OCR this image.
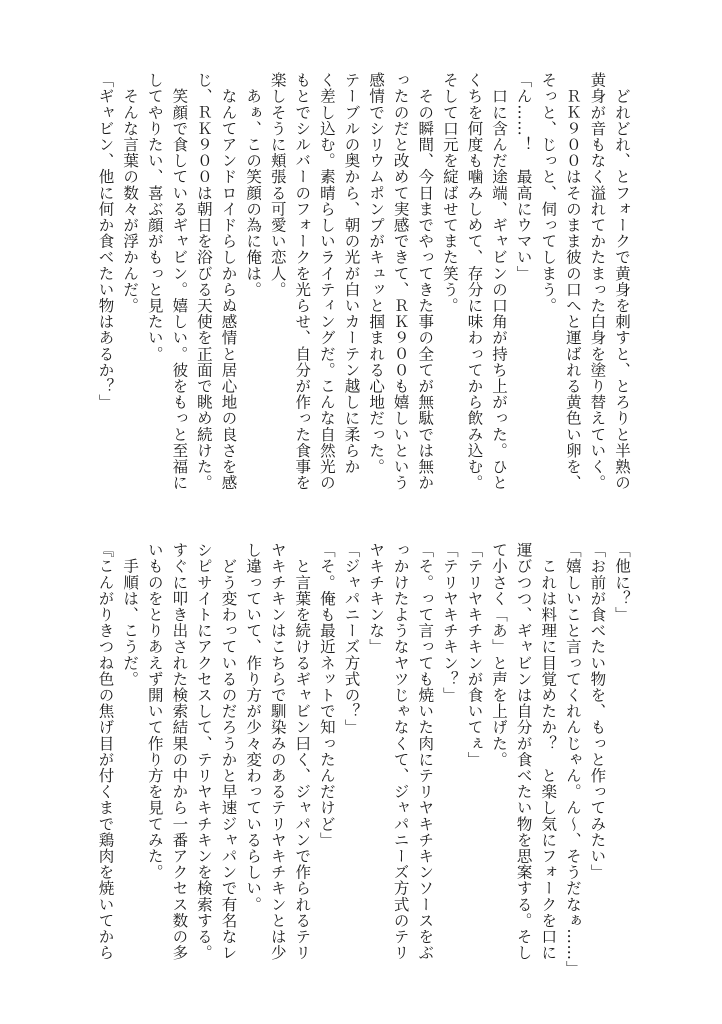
　どれどれ、とフォークで黄身を刺すと、とろりと半熟の
黄身が音もなく溢れてかたまった白身を塗り替えていく。
　ＲＫ９００はそのまま彼の口へと運ばれる黄色い卵を、
そっと、じっと、伺ってしまう。
「ん……！　最高にウマい」
　口に含んだ途端、ギャビンの口角が持ち上がった。ひと
くちを何度も噛みしめて、存分に味わってから飲み込む。
そして口元を綻ばせてまた笑う。
　その瞬間、今日までやってきた事の全てが無駄では無か
ったのだと改めて実感できて、ＲＫ９００も嬉しいという
感情でシリウムポンプがキュッと掴まれる心地だった。
テーブルの奥から、朝の光が白いカーテン越しに柔らか
く差し込む。素晴らしいライティングだ。こんな自然光の
もとでシルバーのフォークを光らせ、自分が作った食事を
楽しそうに頬張る可愛い恋人。
　あぁ、この笑顔の為に俺は。
　なんてアンドロイドらしからぬ感情と居心地の良さを感
じ、ＲＫ９００は朝日を浴びる天使を正面で眺め続けた。
　笑顔で食しているギャビン。嬉しい。彼をもっと至福に
してやりたい、喜ぶ顔がもっと見たい。
　そんな言葉の数々が浮かんだ。
「ギャビン、他に何か食べたい物はあるか？」
「他に？」
「お前が食べたい物を、もっと作ってみたい」
「嬉しいこと言ってくれんじゃん。ん〜、そうだなぁ……」
　これは料理に目覚めたか？　と楽し気にフォークを口に
運びつつ、ギャビンは自分が食べたい物を思案する。そし
て小さく「あ」と声を上げた。
「テリヤキチキンが食いてぇ」
「テリヤキチキン？」
「そ。って言っても焼いた肉にテリヤキチキンソースをぶ
っかけたようなヤツじゃなくて、ジャパニーズ方式のテリ
ヤキチキンな」
「ジャパニーズ方式の？」
「そ。俺も最近ネットで知ったんだけど」
　と言葉を続けるギャビン曰く、ジャパンで作られるテリ
ヤキチキンはこちらで馴染みのあるテリヤキチキンとは少
し違っていて、作り方が少々変わっているらしい。
　どう変わっているのだろうかと早速ジャパンで有名なレ
シピサイトにアクセスして、テリヤキチキンを検索する。
すぐに叩き出された検索結果の中から一番アクセス数の多
いものをとりあえず開いて作り方を見てみた。
　手順は、こうだ。
『こんがりきつね色の焦げ目が付くまで鶏肉を焼いてから
